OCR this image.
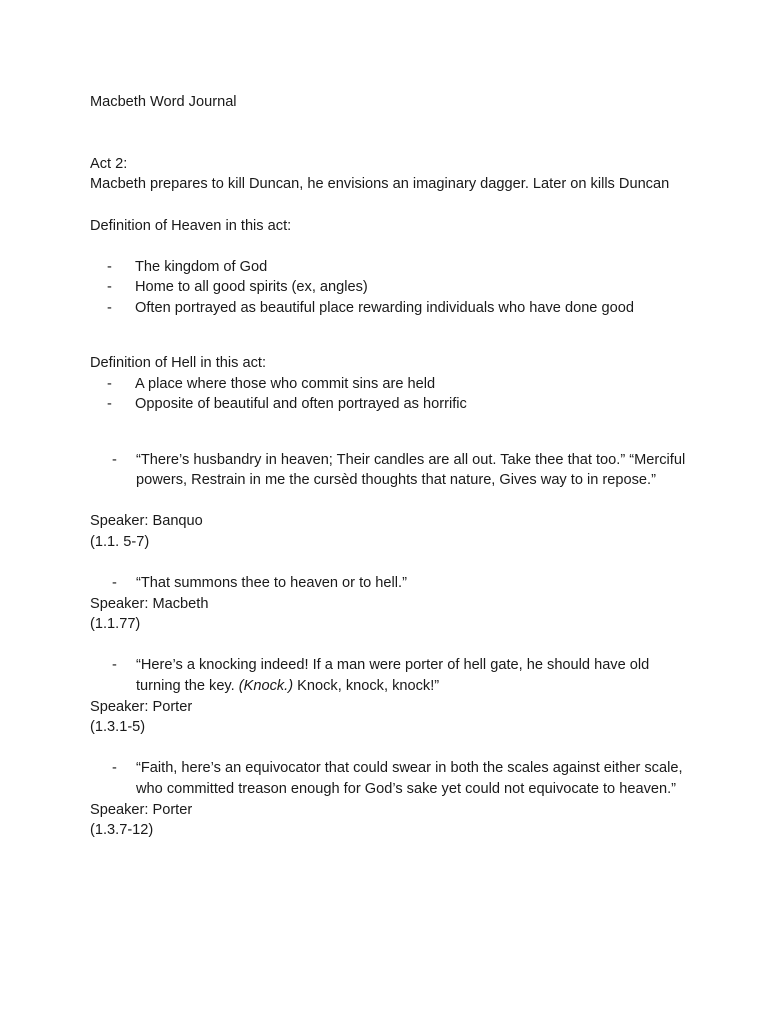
Macbeth Word Journal

Act 2:

Macbeth prepares to kill Duncan, he envisions an imaginary dagger. Later on kills Duncan

Definition of Heaven in this act:

- The kingdom of God
- Home to all good spirits (ex, angles)
- Often portrayed as beautiful place rewarding individuals who have done good

Definition of Hell in this act:

- A place where those who commit sins are held
- Opposite of beautiful and often portrayed as horrific
- “There’s husbandry in heaven; Their candles are all out. Take thee that too.” “Merciful powers, Restrain in me the cursèd thoughts that nature, Gives way to in repose.”

Speaker: Banquo

(1.1. 5-7)

- “That summons thee to heaven or to hell.”

Speaker: Macbeth

(1.1.77)

- “Here’s a knocking indeed! If a man were porter of hell gate, he should have old turning the key. (Knock.) Knock, knock, knock!”

Speaker: Porter

(1.3.1-5)

- “Faith, here’s an equivocator that could swear in both the scales against either scale, who committed treason enough for God’s sake yet could not equivocate to heaven.”

Speaker: Porter

(1.3.7-12)
